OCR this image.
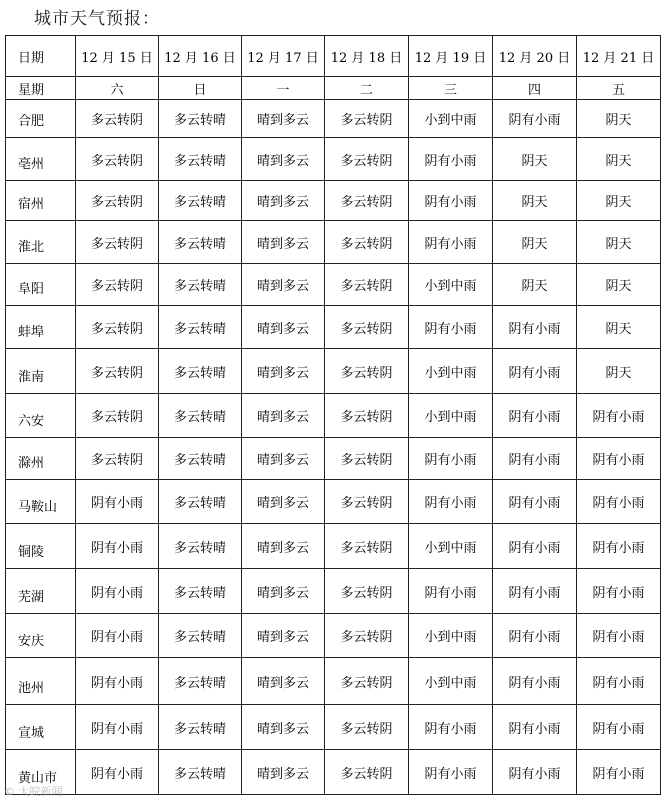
城市天气预报：
日期	12 月 15 日	12 月 16 日	12 月 17 日	12 月 18 日	12 月 19 日	12 月 20 日	12 月 21 日
星期	六	日	一	二	三	四	五
合肥	多云转阴	多云转晴	晴到多云	多云转阴	小到中雨	阴有小雨	阴天
亳州	多云转阴	多云转晴	晴到多云	多云转阴	阴有小雨	阴天	阴天
宿州	多云转阴	多云转晴	晴到多云	多云转阴	阴有小雨	阴天	阴天
淮北	多云转阴	多云转晴	晴到多云	多云转阴	阴有小雨	阴天	阴天
阜阳	多云转阴	多云转晴	晴到多云	多云转阴	小到中雨	阴天	阴天
蚌埠	多云转阴	多云转晴	晴到多云	多云转阴	阴有小雨	阴有小雨	阴天
淮南	多云转阴	多云转晴	晴到多云	多云转阴	小到中雨	阴有小雨	阴天
六安	多云转阴	多云转晴	晴到多云	多云转阴	小到中雨	阴有小雨	阴有小雨
滁州	多云转阴	多云转晴	晴到多云	多云转阴	阴有小雨	阴有小雨	阴有小雨
马鞍山	阴有小雨	多云转晴	晴到多云	多云转阴	阴有小雨	阴有小雨	阴有小雨
铜陵	阴有小雨	多云转晴	晴到多云	多云转阴	小到中雨	阴有小雨	阴有小雨
芜湖	阴有小雨	多云转晴	晴到多云	多云转阴	阴有小雨	阴有小雨	阴有小雨
安庆	阴有小雨	多云转晴	晴到多云	多云转阴	小到中雨	阴有小雨	阴有小雨
池州	阴有小雨	多云转晴	晴到多云	多云转阴	小到中雨	阴有小雨	阴有小雨
宣城	阴有小雨	多云转晴	晴到多云	多云转阴	阴有小雨	阴有小雨	阴有小雨
黄山市	阴有小雨	多云转晴	晴到多云	多云转阴	阴有小雨	阴有小雨	阴有小雨
© 大皖新闻
